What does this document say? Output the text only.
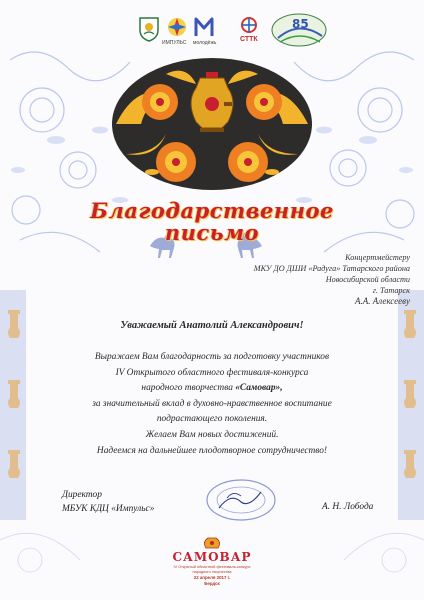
ИМПУЛЬС молодёжь	СТТК
85
Благодарственное
письмо
Концертмейстеру
МКУ ДО ДШИ «Радуга» Татарского района
Новосибирской области
г. Татарск
А.А. Алексееву
Уважаемый Анатолий Александрович!
Выражаем Вам благодарность за подготовку участников
IV Открытого областного фестиваля-конкурса
народного творчества «Самовар»,
за значительный вклад в духовно-нравственное воспитание
подрастающего поколения.
Желаем Вам новых достижений.
Надеемся на дальнейшее плодотворное сотрудничество!
Директор
МБУК КДЦ «Импульс»	А. Н. Лобода
САМОВАР
IV Открытый областной фестиваль-конкурс народного творчества
22 апреля 2017 г.
Бердск
